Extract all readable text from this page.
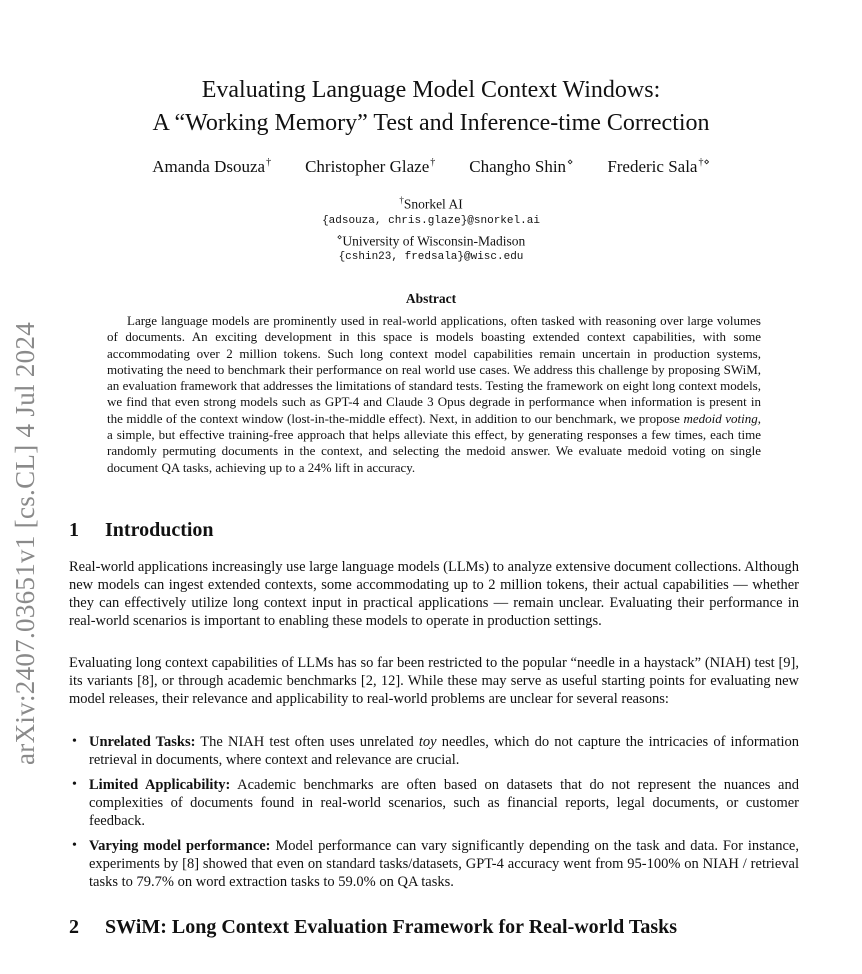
arXiv:2407.03651v1 [cs.CL] 4 Jul 2024
Evaluating Language Model Context Windows:
A “Working Memory” Test and Inference-time Correction
Amanda Dsouza† Christopher Glaze† Changho Shin⋄ Frederic Sala†⋄
†Snorkel AI
{adsouza, chris.glaze}@snorkel.ai
⋄University of Wisconsin-Madison
{cshin23, fredsala}@wisc.edu
Abstract
Large language models are prominently used in real-world applications, often tasked with reasoning over large volumes of documents. An exciting development in this space is models boasting extended context capabilities, with some accommodating over 2 million tokens. Such long context model capabilities remain uncertain in production systems, motivating the need to benchmark their performance on real world use cases. We address this challenge by proposing SWiM, an evaluation framework that addresses the limitations of standard tests. Testing the framework on eight long context models, we find that even strong models such as GPT-4 and Claude 3 Opus degrade in performance when information is present in the middle of the context window (lost-in-the-middle effect). Next, in addition to our benchmark, we propose medoid voting, a simple, but effective training-free approach that helps alleviate this effect, by generating responses a few times, each time randomly permuting documents in the context, and selecting the medoid answer. We evaluate medoid voting on single document QA tasks, achieving up to a 24% lift in accuracy.
1 Introduction
Real-world applications increasingly use large language models (LLMs) to analyze extensive document collections. Although new models can ingest extended contexts, some accommodating up to 2 million tokens, their actual capabilities — whether they can effectively utilize long context input in practical applications — remain unclear. Evaluating their performance in real-world scenarios is important to enabling these models to operate in production settings.
Evaluating long context capabilities of LLMs has so far been restricted to the popular “needle in a haystack” (NIAH) test [9], its variants [8], or through academic benchmarks [2, 12]. While these may serve as useful starting points for evaluating new model releases, their relevance and applicability to real-world problems are unclear for several reasons:
• Unrelated Tasks: The NIAH test often uses unrelated toy needles, which do not capture the intricacies of information retrieval in documents, where context and relevance are crucial.
• Limited Applicability: Academic benchmarks are often based on datasets that do not represent the nuances and complexities of documents found in real-world scenarios, such as financial reports, legal documents, or customer feedback.
• Varying model performance: Model performance can vary significantly depending on the task and data. For instance, experiments by [8] showed that even on standard tasks/datasets, GPT-4 accuracy went from 95-100% on NIAH / retrieval tasks to 79.7% on word extraction tasks to 59.0% on QA tasks.
2 SWiM: Long Context Evaluation Framework for Real-world Tasks
